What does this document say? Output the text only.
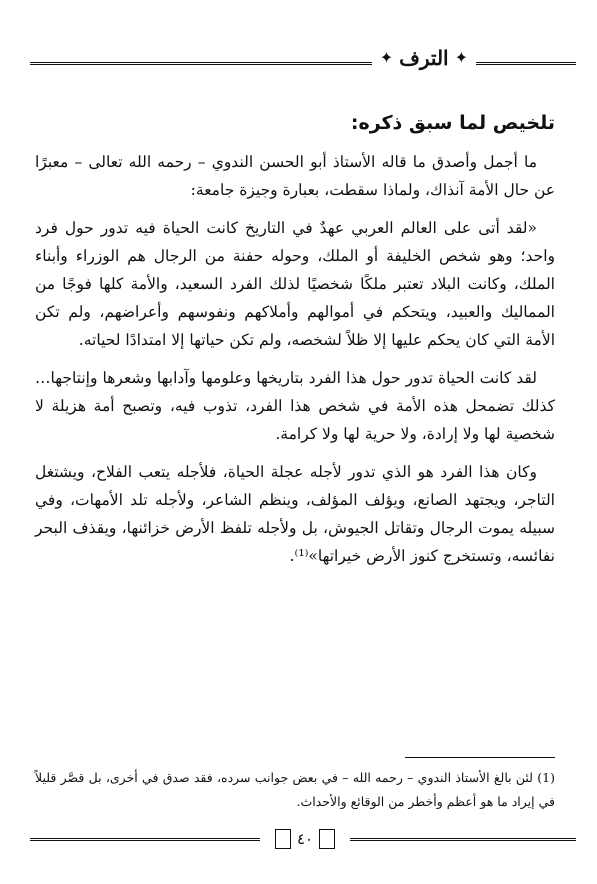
✦
الترف
✦
تلخيص لما سبق ذكره:

ما أجمل وأصدق ما قاله الأستاذ أبو الحسن الندوي – رحمه الله تعالى – معبرًا عن حال الأمة آنذاك، ولماذا سقطت، بعبارة وجيزة جامعة:

«لقد أتى على العالم العربي عهدٌ في التاريخ كانت الحياة فيه تدور حول فرد واحد؛ وهو شخص الخليفة أو الملك، وحوله حفنة من الرجال هم الوزراء وأبناء الملك، وكانت البلاد تعتبر ملكًا شخصيًا لذلك الفرد السعيد، والأمة كلها فوجًا من المماليك والعبيد، ويتحكم في أموالهم وأملاكهم ونفوسهم وأعراضهم، ولم تكن الأمة التي كان يحكم عليها إلا ظلاً لشخصه، ولم تكن حياتها إلا امتدادًا لحياته.

لقد كانت الحياة تدور حول هذا الفرد بتاريخها وعلومها وآدابها وشعرها وإنتاجها… كذلك تضمحل هذه الأمة في شخص هذا الفرد، تذوب فيه، وتصبح أمة هزيلة لا شخصية لها ولا إرادة، ولا حرية لها ولا كرامة.

وكان هذا الفرد هو الذي تدور لأجله عجلة الحياة، فلأجله يتعب الفلاح، ويشتغل التاجر، ويجتهد الصانع، ويؤلف المؤلف، وينظم الشاعر، ولأجله تلد الأمهات، وفي سبيله يموت الرجال وتقاتل الجيوش، بل ولأجله تلفظ الأرض خزائنها، ويقذف البحر نفائسه، وتستخرج كنوز الأرض خيراتها»⁽¹⁾.

(1) لئن بالغ الأستاذ الندوي – رحمه الله – في بعض جوانب سرده، فقد صدق في أخرى، بل قصَّر قليلاً في إيراد ما هو أعظم وأخطر من الوقائع والأحداث.
٤٠
